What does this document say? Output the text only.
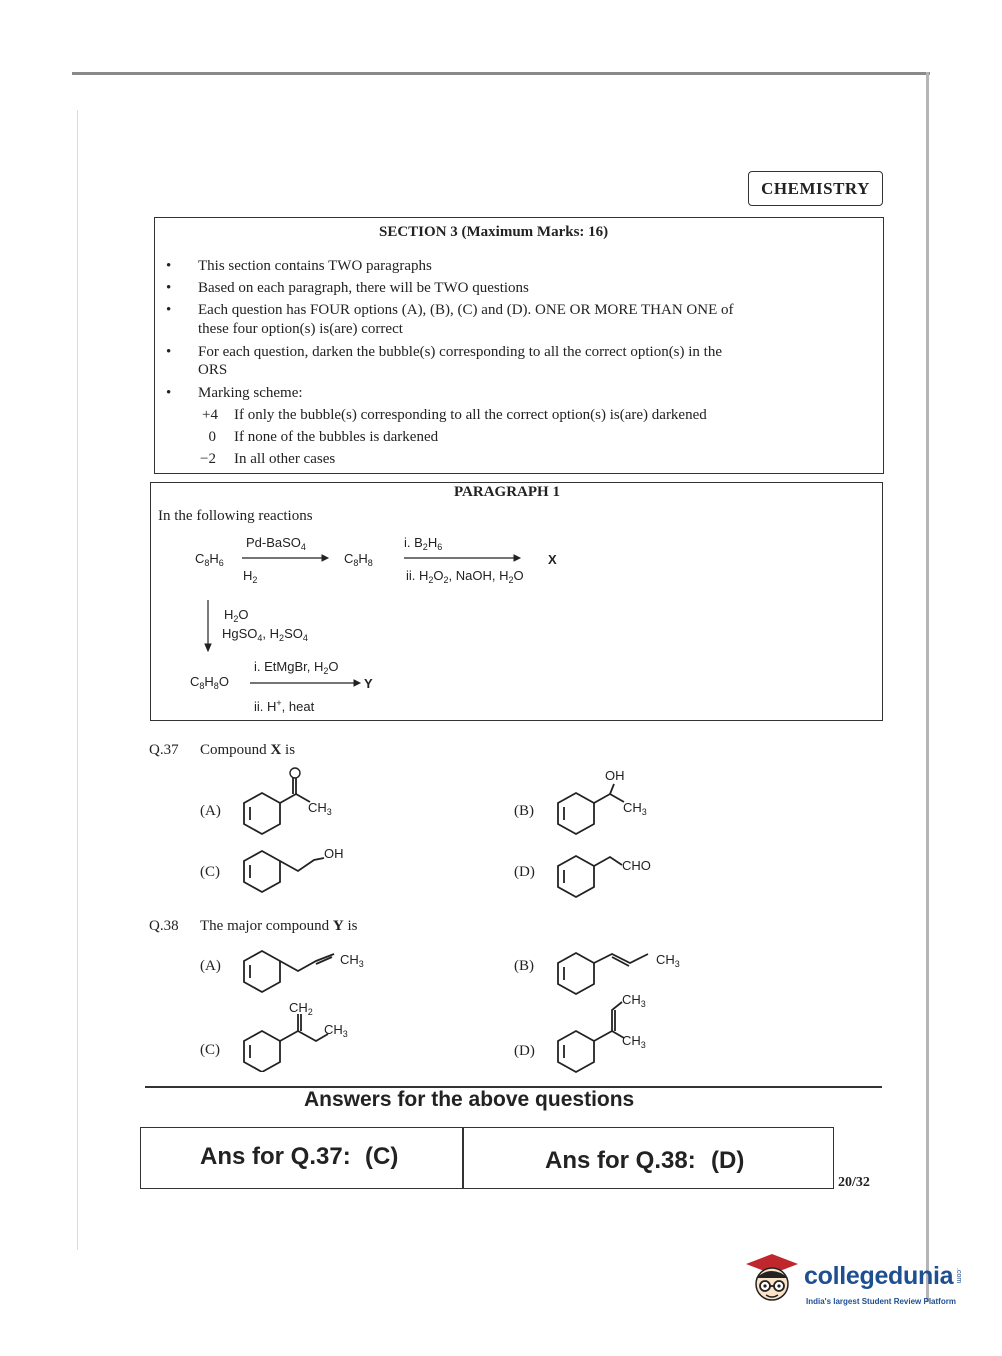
CHEMISTRY
SECTION 3 (Maximum Marks: 16)
• This section contains TWO paragraphs
• Based on each paragraph, there will be TWO questions
• Each question has FOUR options (A), (B), (C) and (D). ONE OR MORE THAN ONE of
these four option(s) is(are) correct
• For each question, darken the bubble(s) corresponding to all the correct option(s) in the
ORS
• Marking scheme:
+4 If only the bubble(s) corresponding to all the correct option(s) is(are) darkened
0 If none of the bubbles is darkened
−2 In all other cases
PARAGRAPH 1
In the following reactions
$C_8H_6$
Pd-BaSO$_4$
$H_2$
$C_8H_8$
i. $B_2H_6$
ii. $H_2O_2$, NaOH, $H_2O$
X
$H_2O$
HgSO$_4$, $H_2SO_4$
$C_8H_8O$
i. EtMgBr, $H_2O$
ii. H+, heat
Y
Q.37 Compound X is
(A)	$CH_3$	(B)
OH
$CH_3$
(C)
OH
(D)	CHO
Q.38 The major compound Y is
(A)	$CH_3$	(B)	$CH_3$
(C)
$CH_2$
$CH_3$
(D)
$CH_3$
$CH_3$
Answers for the above questions
Ans for Q.37: (C)	Ans for Q.38: (D)
20/32
collegedunia .com
India's largest Student Review Platform
